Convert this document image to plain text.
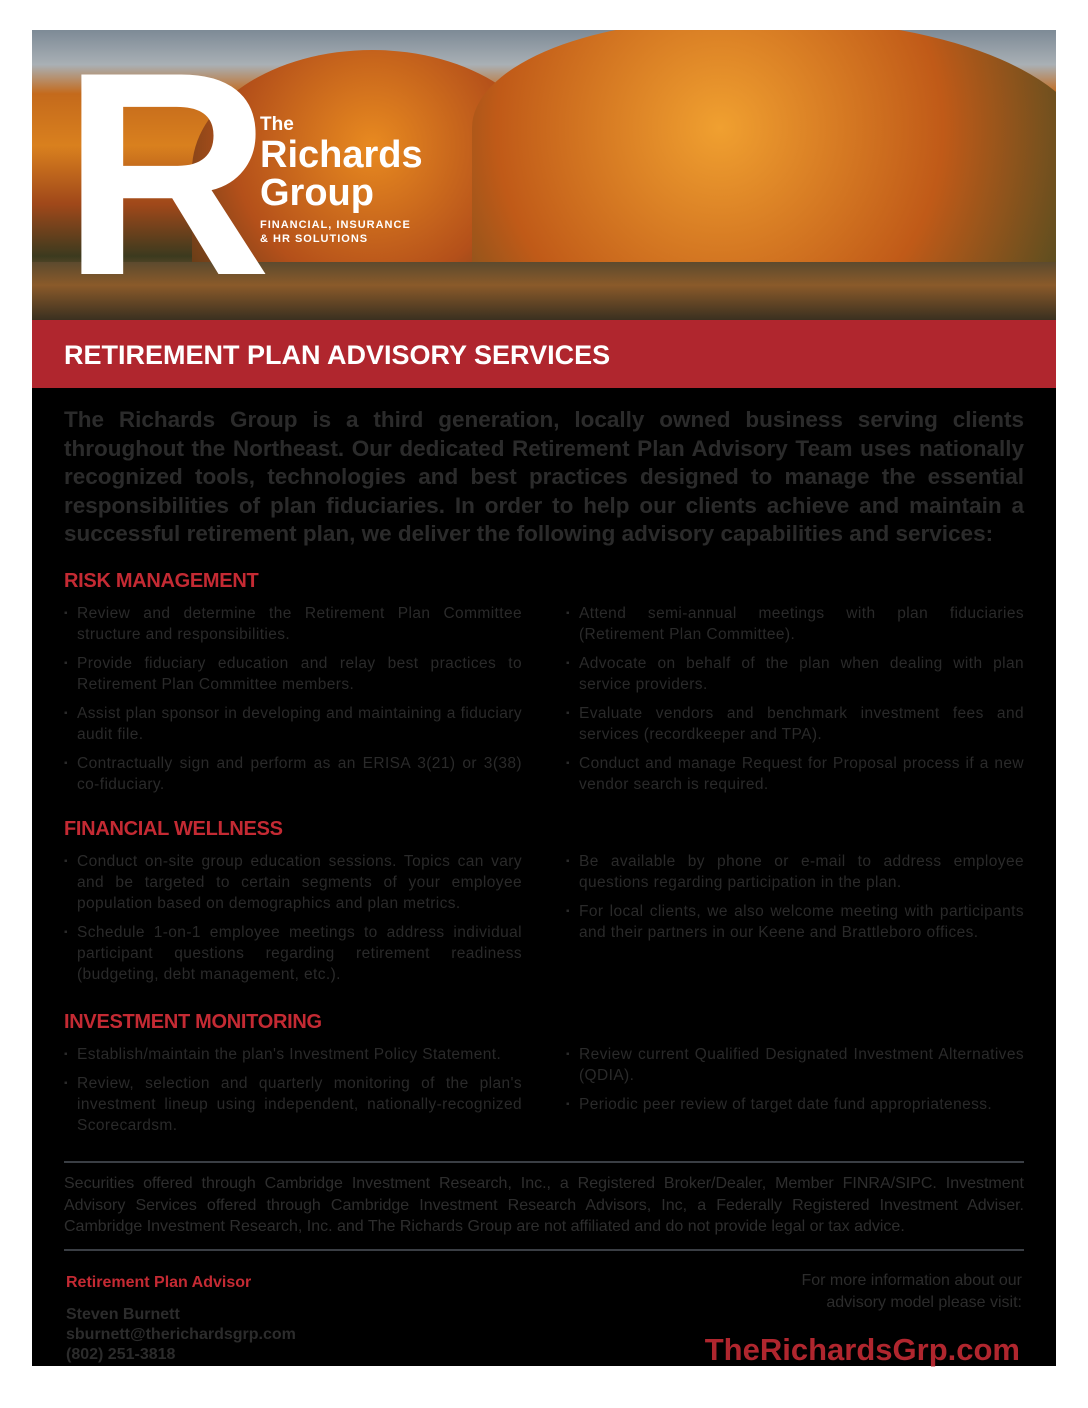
R
The
Richards
Group
FINANCIAL, INSURANCE & HR SOLUTIONS
RETIREMENT PLAN ADVISORY SERVICES

The Richards Group is a third generation, locally owned business serving clients throughout the Northeast. Our dedicated Retirement Plan Advisory Team uses nationally recognized tools, technologies and best practices designed to manage the essential responsibilities of plan fiduciaries. In order to help our clients achieve and maintain a successful retirement plan, we deliver the following advisory capabilities and services:

RISK MANAGEMENT
▪ Review and determine the Retirement Plan Committee structure and responsibilities.
▪ Provide fiduciary education and relay best practices to Retirement Plan Committee members.
▪ Assist plan sponsor in developing and maintaining a fiduciary audit file.
▪ Contractually sign and perform as an ERISA 3(21) or 3(38) co-fiduciary.
▪ Attend semi-annual meetings with plan fiduciaries (Retirement Plan Committee).
▪ Advocate on behalf of the plan when dealing with plan service providers.
▪ Evaluate vendors and benchmark investment fees and services (recordkeeper and TPA).
▪ Conduct and manage Request for Proposal process if a new vendor search is required.
FINANCIAL WELLNESS
▪ Conduct on-site group education sessions. Topics can vary and be targeted to certain segments of your employee population based on demographics and plan metrics.
▪ Schedule 1-on-1 employee meetings to address individual participant questions regarding retirement readiness (budgeting, debt management, etc.).
▪ Be available by phone or e-mail to address employee questions regarding participation in the plan.
▪ For local clients, we also welcome meeting with participants and their partners in our Keene and Brattleboro offices.
INVESTMENT MONITORING
▪ Establish/maintain the plan's Investment Policy Statement.
▪ Review, selection and quarterly monitoring of the plan's investment lineup using independent, nationally-recognized Scorecardsm.
▪ Review current Qualified Designated Investment Alternatives (QDIA).
▪ Periodic peer review of target date fund appropriateness.

Securities offered through Cambridge Investment Research, Inc., a Registered Broker/Dealer, Member FINRA/SIPC. Investment Advisory Services offered through Cambridge Investment Research Advisors, Inc, a Federally Registered Investment Adviser. Cambridge Investment Research, Inc. and The Richards Group are not affiliated and do not provide legal or tax advice.

Retirement Plan Advisor
Steven Burnett
sburnett@therichardsgrp.com
(802) 251-3818
For more information about our
advisory model please visit:
TheRichardsGrp.com
